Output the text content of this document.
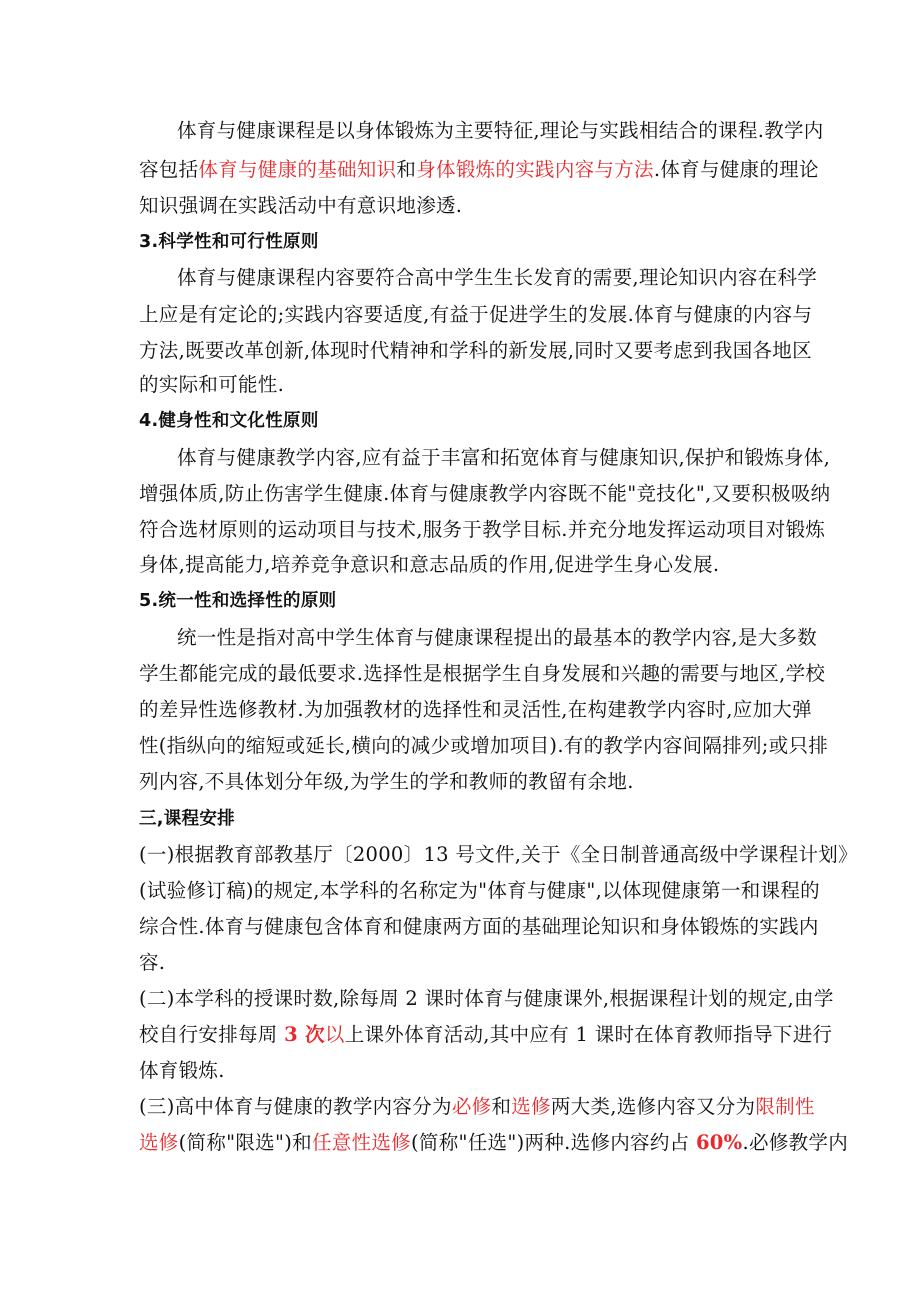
体育与健康课程是以身体锻炼为主要特征,理论与实践相结合的课程.教学内
容包括体育与健康的基础知识和身体锻炼的实践内容与方法.体育与健康的理论
知识强调在实践活动中有意识地渗透.
3.科学性和可行性原则
体育与健康课程内容要符合高中学生生长发育的需要,理论知识内容在科学
上应是有定论的;实践内容要适度,有益于促进学生的发展.体育与健康的内容与
方法,既要改革创新,体现时代精神和学科的新发展,同时又要考虑到我国各地区
的实际和可能性.
4.健身性和文化性原则
体育与健康教学内容,应有益于丰富和拓宽体育与健康知识,保护和锻炼身体,
增强体质,防止伤害学生健康.体育与健康教学内容既不能"竞技化",又要积极吸纳
符合选材原则的运动项目与技术,服务于教学目标.并充分地发挥运动项目对锻炼
身体,提高能力,培养竞争意识和意志品质的作用,促进学生身心发展.
5.统一性和选择性的原则
统一性是指对高中学生体育与健康课程提出的最基本的教学内容,是大多数
学生都能完成的最低要求.选择性是根据学生自身发展和兴趣的需要与地区,学校
的差异性选修教材.为加强教材的选择性和灵活性,在构建教学内容时,应加大弹
性(指纵向的缩短或延长,横向的减少或增加项目).有的教学内容间隔排列;或只排
列内容,不具体划分年级,为学生的学和教师的教留有余地.
三,课程安排
(一)根据教育部教基厅〔2000〕13 号文件,关于《全日制普通高级中学课程计划》
(试验修订稿)的规定,本学科的名称定为"体育与健康",以体现健康第一和课程的
综合性.体育与健康包含体育和健康两方面的基础理论知识和身体锻炼的实践内
容.
(二)本学科的授课时数,除每周 2 课时体育与健康课外,根据课程计划的规定,由学
校自行安排每周 3 次以上课外体育活动,其中应有 1 课时在体育教师指导下进行
体育锻炼.
(三)高中体育与健康的教学内容分为必修和选修两大类,选修内容又分为限制性
选修(简称"限选")和任意性选修(简称"任选")两种.选修内容约占 60%.必修教学内
